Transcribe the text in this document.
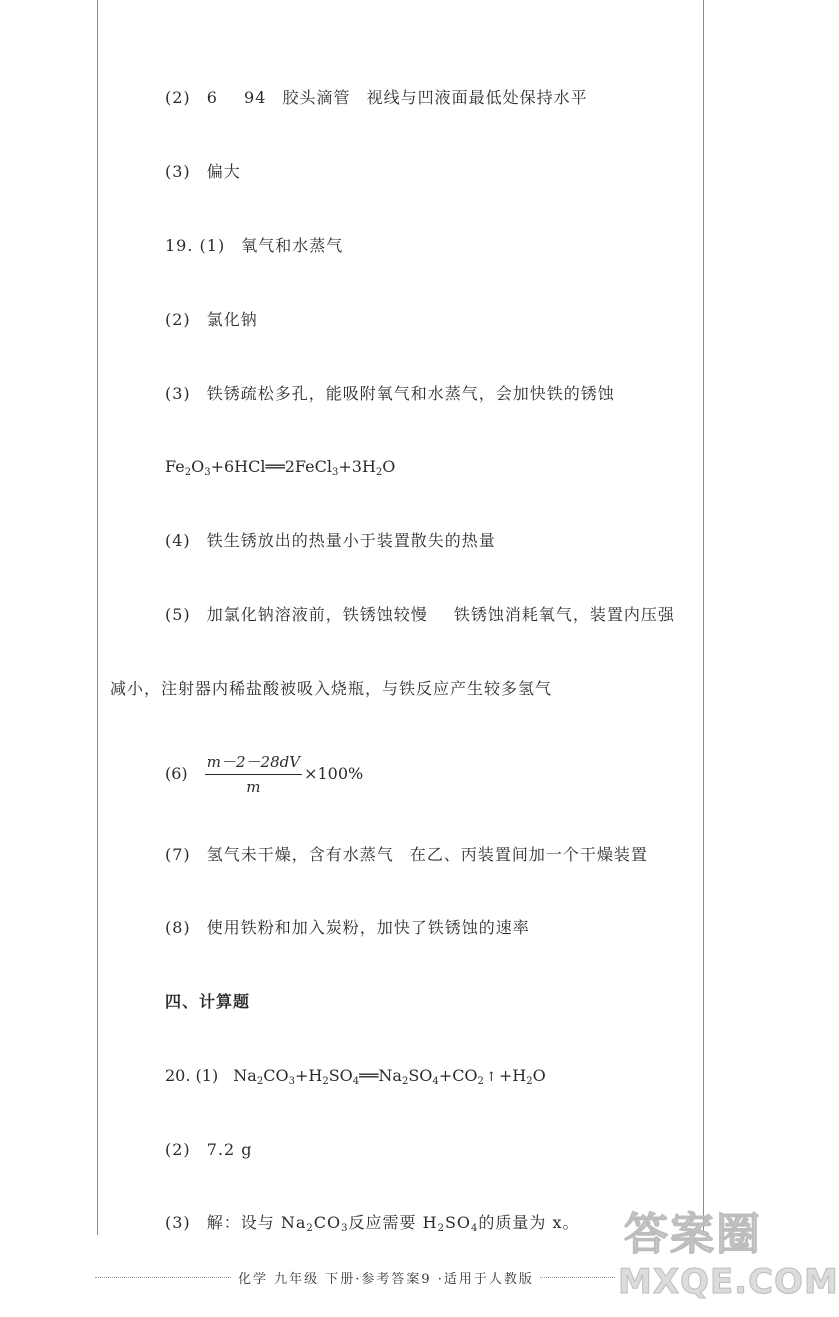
(2) 6 94 胶头滴管 视线与凹液面最低处保持水平
(3) 偏大
19. (1) 氧气和水蒸气
(2) 氯化钠
(3) 铁锈疏松多孔，能吸附氧气和水蒸气，会加快铁的锈蚀
$Fe_2O_3+6HCl══2FeCl_3+3H_2O$
(4) 铁生锈放出的热量小于装置散失的热量
(5) 加氯化钠溶液前，铁锈蚀较慢 铁锈蚀消耗氧气，装置内压强
减小，注射器内稀盐酸被吸入烧瓶，与铁反应产生较多氢气
$(6) \frac{m-2-28dV}{m} \times 100\%$
(7) 氢气未干燥，含有水蒸气 在乙、丙装置间加一个干燥装置
(8) 使用铁粉和加入炭粉，加快了铁锈蚀的速率
四、计算题
20. (1) $Na_2CO_3+H_2SO_4══Na_2SO_4+CO_2$ ↑ $+H_2O$
(2) 7.2 g
(3) 解：设与 $Na_2CO_3$反应需要 $H_2SO_4$的质量为 x。
化学 九年级 下册·参考答案9 ·适用于人教版
答案圈
MXQE.COM
